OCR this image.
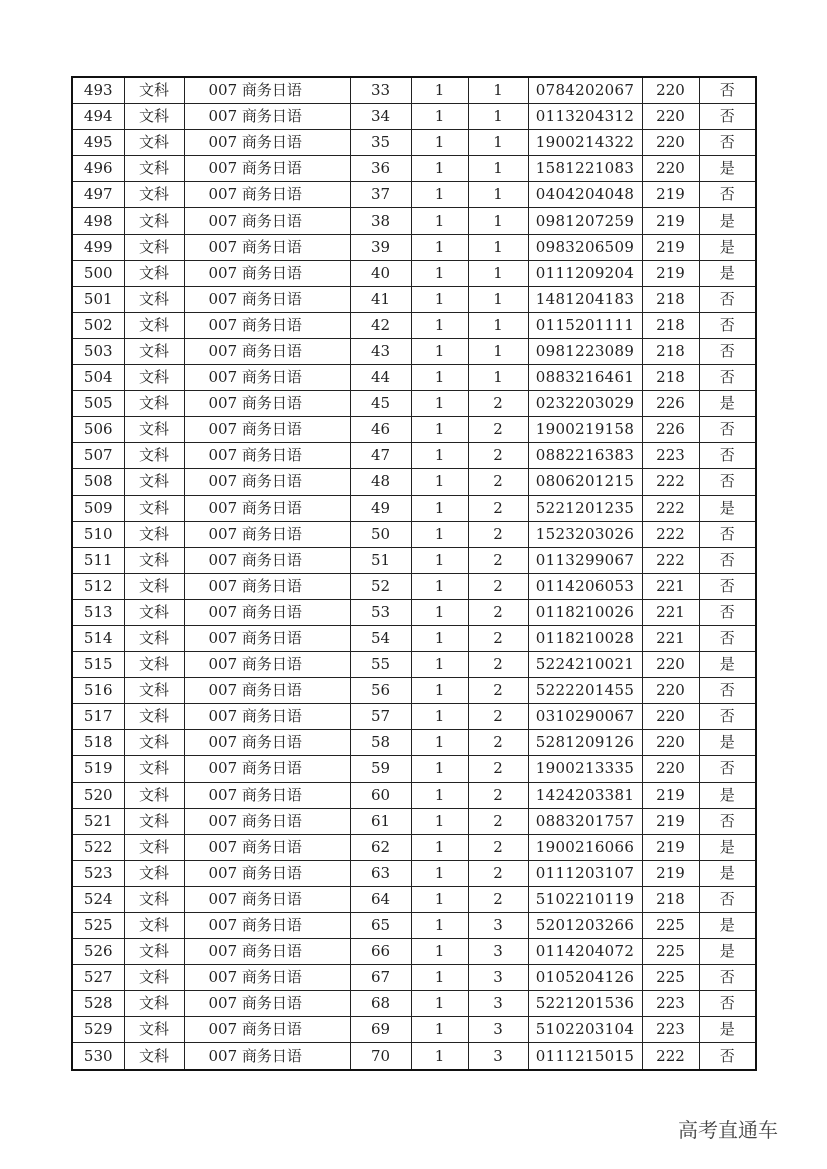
493	文科	007 商务日语	33	1	1	0784202067	220	否
494	文科	007 商务日语	34	1	1	0113204312	220	否
495	文科	007 商务日语	35	1	1	1900214322	220	否
496	文科	007 商务日语	36	1	1	1581221083	220	是
497	文科	007 商务日语	37	1	1	0404204048	219	否
498	文科	007 商务日语	38	1	1	0981207259	219	是
499	文科	007 商务日语	39	1	1	0983206509	219	是
500	文科	007 商务日语	40	1	1	0111209204	219	是
501	文科	007 商务日语	41	1	1	1481204183	218	否
502	文科	007 商务日语	42	1	1	0115201111	218	否
503	文科	007 商务日语	43	1	1	0981223089	218	否
504	文科	007 商务日语	44	1	1	0883216461	218	否
505	文科	007 商务日语	45	1	2	0232203029	226	是
506	文科	007 商务日语	46	1	2	1900219158	226	否
507	文科	007 商务日语	47	1	2	0882216383	223	否
508	文科	007 商务日语	48	1	2	0806201215	222	否
509	文科	007 商务日语	49	1	2	5221201235	222	是
510	文科	007 商务日语	50	1	2	1523203026	222	否
511	文科	007 商务日语	51	1	2	0113299067	222	否
512	文科	007 商务日语	52	1	2	0114206053	221	否
513	文科	007 商务日语	53	1	2	0118210026	221	否
514	文科	007 商务日语	54	1	2	0118210028	221	否
515	文科	007 商务日语	55	1	2	5224210021	220	是
516	文科	007 商务日语	56	1	2	5222201455	220	否
517	文科	007 商务日语	57	1	2	0310290067	220	否
518	文科	007 商务日语	58	1	2	5281209126	220	是
519	文科	007 商务日语	59	1	2	1900213335	220	否
520	文科	007 商务日语	60	1	2	1424203381	219	是
521	文科	007 商务日语	61	1	2	0883201757	219	否
522	文科	007 商务日语	62	1	2	1900216066	219	是
523	文科	007 商务日语	63	1	2	0111203107	219	是
524	文科	007 商务日语	64	1	2	5102210119	218	否
525	文科	007 商务日语	65	1	3	5201203266	225	是
526	文科	007 商务日语	66	1	3	0114204072	225	是
527	文科	007 商务日语	67	1	3	0105204126	225	否
528	文科	007 商务日语	68	1	3	5221201536	223	否
529	文科	007 商务日语	69	1	3	5102203104	223	是
530	文科	007 商务日语	70	1	3	0111215015	222	否
高考直通车
